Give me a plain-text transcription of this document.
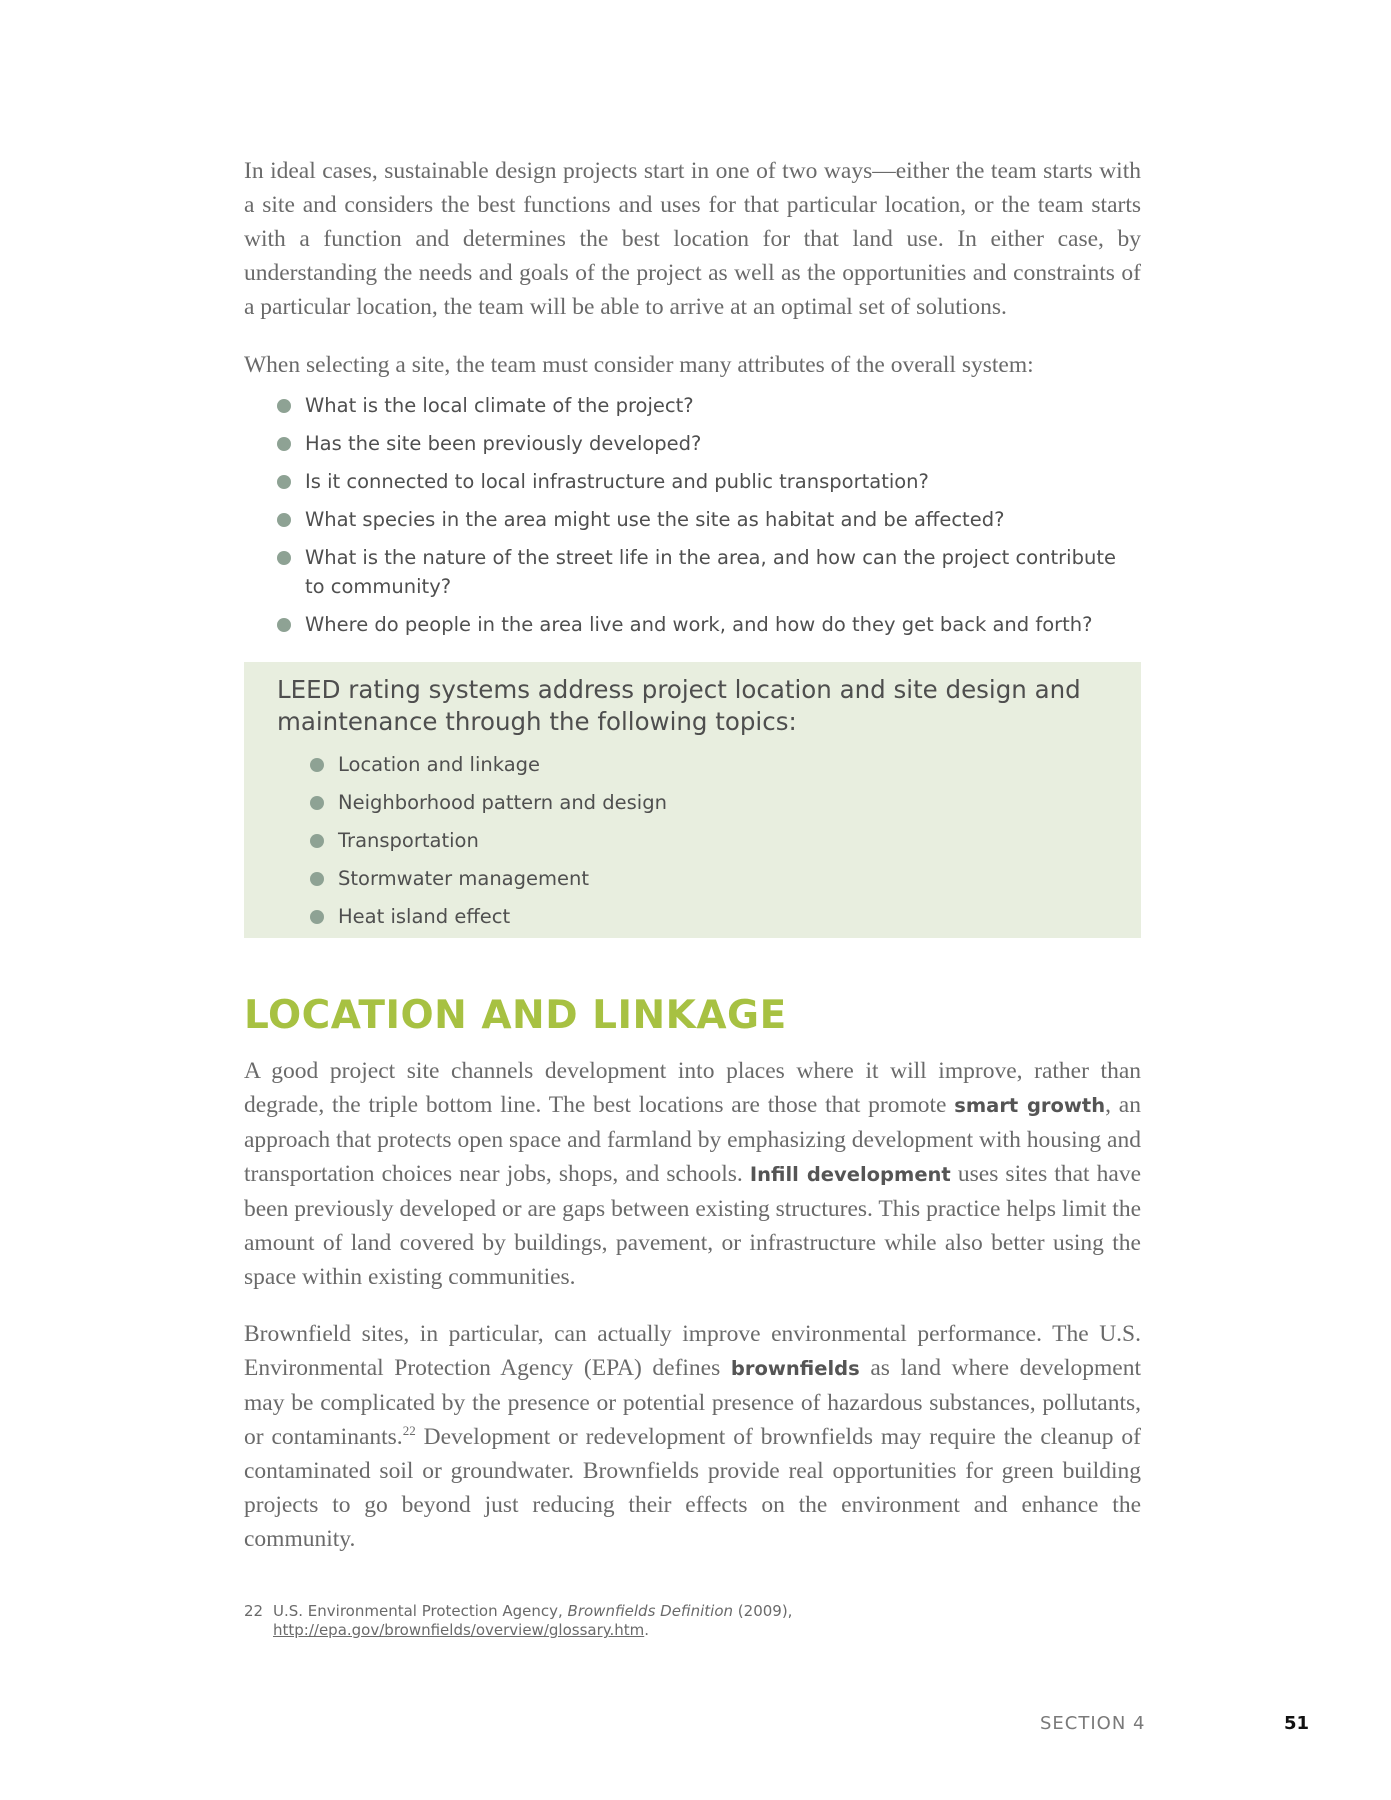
In ideal cases, sustainable design projects start in one of two ways—either the team starts with a site and considers the best functions and uses for that particular location, or the team starts with a function and determines the best location for that land use. In either case, by understanding the needs and goals of the project as well as the opportunities and constraints of a particular location, the team will be able to arrive at an optimal set of solutions.

When selecting a site, the team must consider many attributes of the overall system:

What is the local climate of the project?
Has the site been previously developed?
Is it connected to local infrastructure and public transportation?
What species in the area might use the site as habitat and be affected?
What is the nature of the street life in the area, and how can the project contribute to community?
Where do people in the area live and work, and how do they get back and forth?
LEED rating systems address project location and site design and maintenance through the following topics:
Location and linkage
Neighborhood pattern and design
Transportation
Stormwater management
Heat island effect
LOCATION AND LINKAGE

A good project site channels development into places where it will improve, rather than degrade, the triple bottom line. The best locations are those that promote smart growth, an approach that protects open space and farmland by emphasizing development with housing and transportation choices near jobs, shops, and schools. Infill development uses sites that have been previously developed or are gaps between existing structures. This practice helps limit the amount of land covered by buildings, pavement, or infrastructure while also better using the space within existing communities.

Brownfield sites, in particular, can actually improve environmental performance. The U.S. Environmental Protection Agency (EPA) defines brownfields as land where development may be complicated by the presence or potential presence of hazardous substances, pollutants, or contaminants.$^{22}$ Development or redevelopment of brownfields may require the cleanup of contaminated soil or groundwater. Brownfields provide real opportunities for green building projects to go beyond just reducing their effects on the environment and enhance the community.

22 U.S. Environmental Protection Agency, Brownfields Definition (2009), http://epa.gov/brownfields/overview/glossary.htm.
SECTION 4	51
